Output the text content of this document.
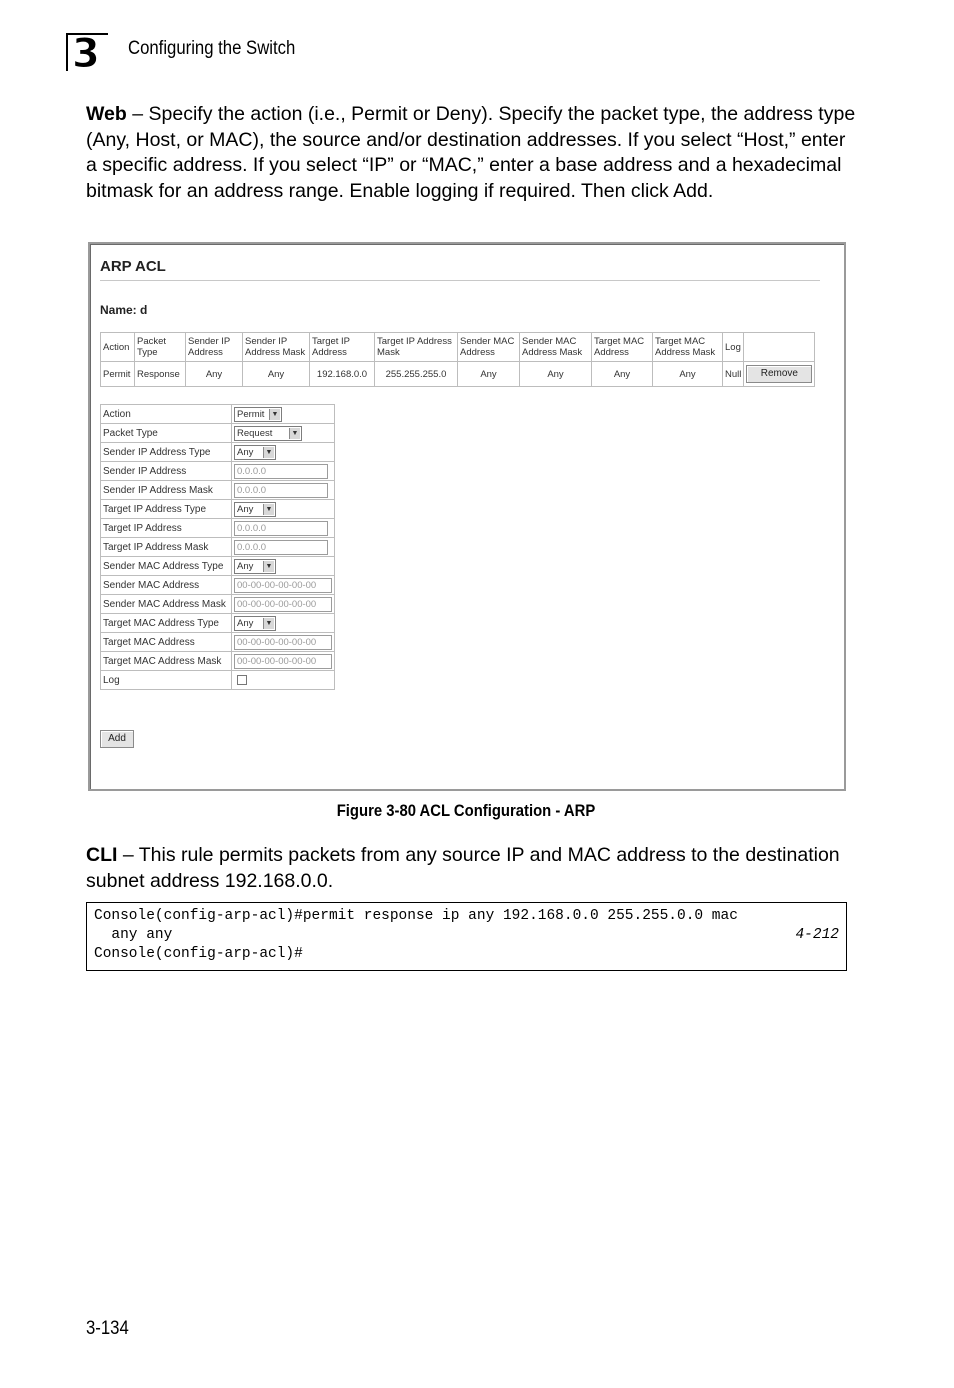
3 Configuring the Switch
Web – Specify the action (i.e., Permit or Deny). Specify the packet type, the address type (Any, Host, or MAC), the source and/or destination addresses. If you select “Host,” enter a specific address. If you select “IP” or “MAC,” enter a base address and a hexadecimal bitmask for an address range. Enable logging if required. Then click Add.
ARP ACL
Name: d
Action	Packet Type	Sender IP Address	Sender IP Address Mask	Target IP Address	Target IP Address Mask	Sender MAC Address	Sender MAC Address Mask	Target MAC Address	Target MAC Address Mask	Log	
Permit	Response	Any	Any	192.168.0.0	255.255.255.0	Any	Any	Any	Any	Null	Remove
Action	Permit ▼

Packet Type	Request ▼

Sender IP Address Type	Any ▼

Sender IP Address	0.0.0.0
Sender IP Address Mask	0.0.0.0
Target IP Address Type	Any ▼

Target IP Address	0.0.0.0
Target IP Address Mask	0.0.0.0
Sender MAC Address Type	Any ▼

Sender MAC Address	00-00-00-00-00-00
Sender MAC Address Mask	00-00-00-00-00-00
Target MAC Address Type	Any ▼

Target MAC Address	00-00-00-00-00-00
Target MAC Address Mask	00-00-00-00-00-00
Log	
Add
Figure 3-80 ACL Configuration - ARP
CLI – This rule permits packets from any source IP and MAC address to the destination subnet address 192.168.0.0.
Console(config-arp-acl)#permit response ip any 192.168.0.0 255.255.0.0 mac
any any	4-212
Console(config-arp-acl)#
3-134
